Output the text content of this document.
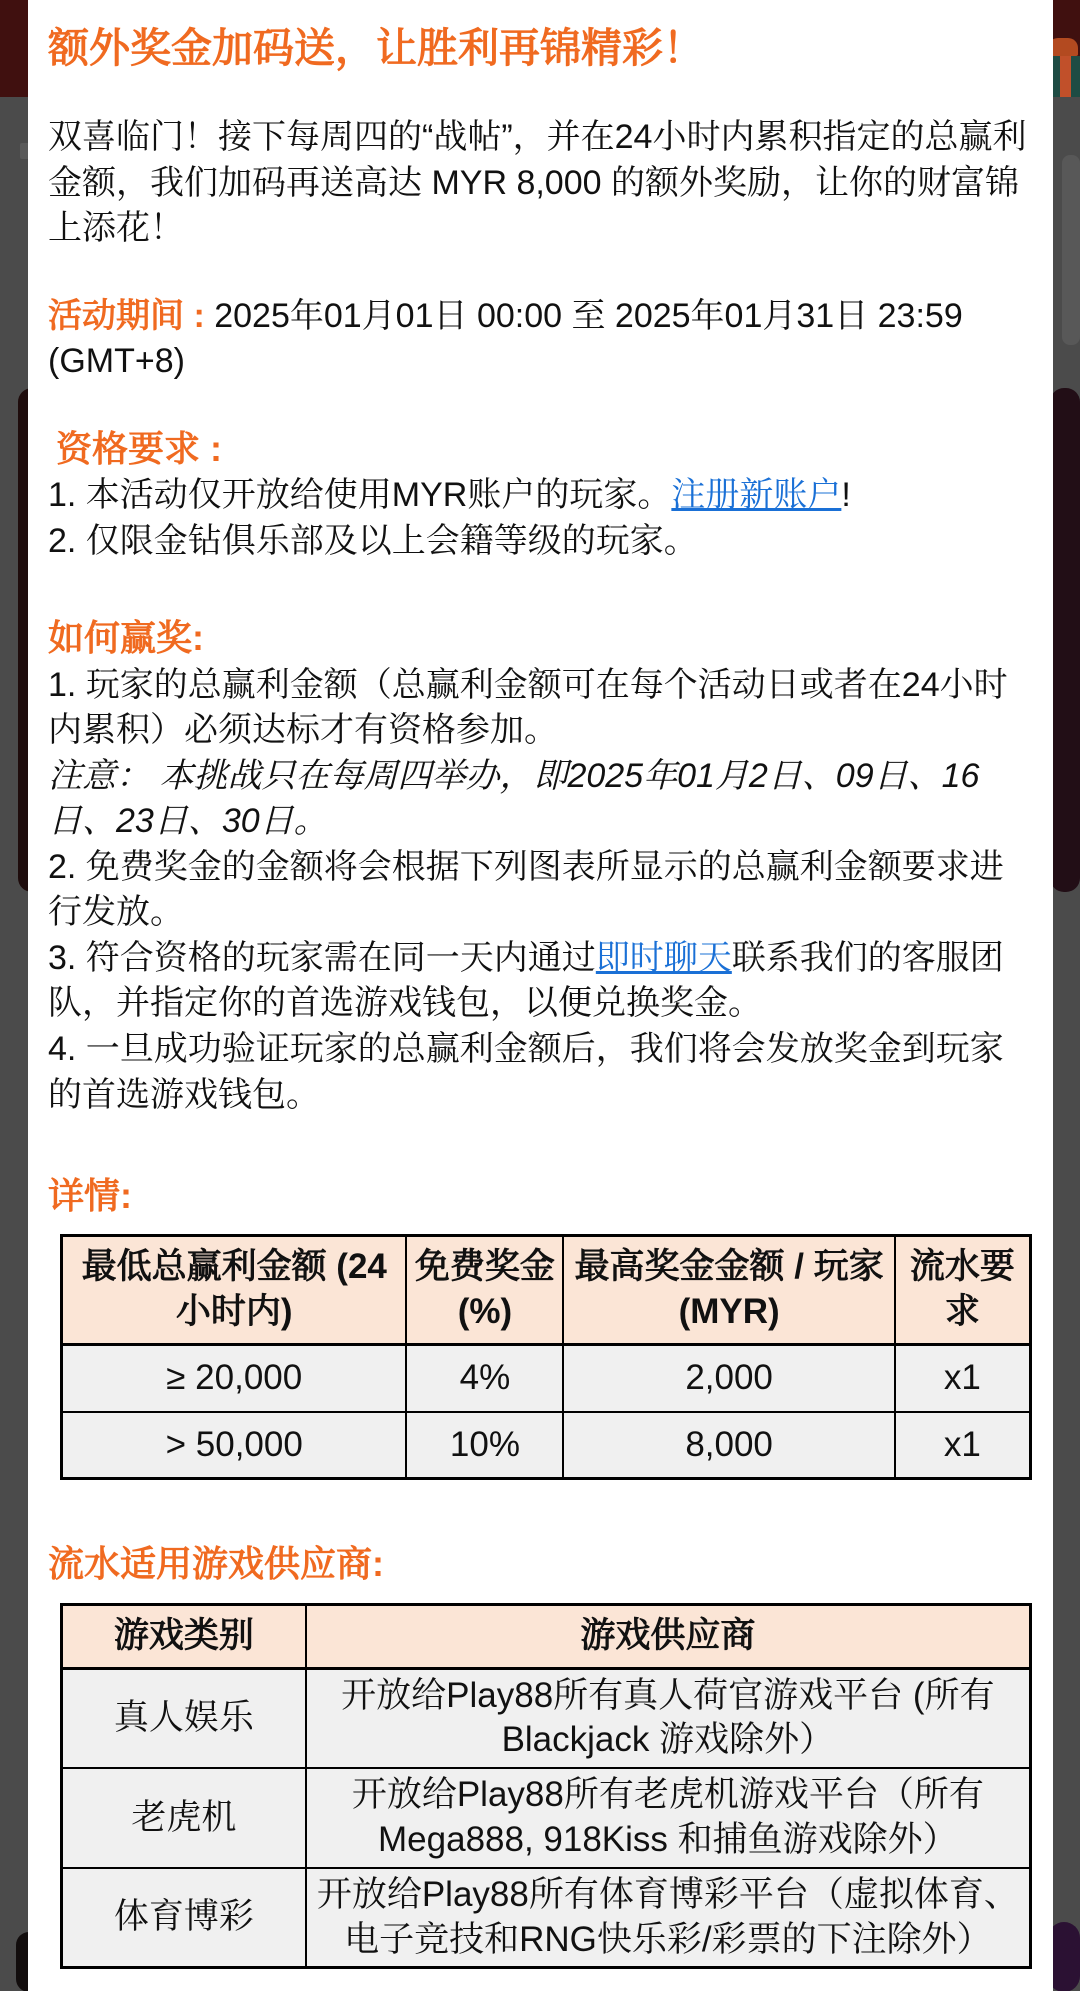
额外奖金加码送，让胜利再锦精彩！

双喜临门！接下每周四的“战帖”，并在24小时内累积指定的总赢利金额，我们加码再送高达 MYR 8,000 的额外奖励，让你的财富锦上添花！

活动期间 : 2025年01月01日 00:00 至 2025年01月31日 23:59 (GMT+8)

资格要求 :

1. 本活动仅开放给使用MYR账户的玩家。注册新账户!

2. 仅限金钻俱乐部及以上会籍等级的玩家。

如何赢奖:

1. 玩家的总赢利金额（总赢利金额可在每个活动日或者在24小时内累积）必须达标才有资格参加。

注意： 本挑战只在每周四举办，即2025年01月2日、09日、16日、23日、30日。

2. 免费奖金的金额将会根据下列图表所显示的总赢利金额要求进行发放。

3. 符合资格的玩家需在同一天内通过即时聊天联系我们的客服团队，并指定你的首选游戏钱包，以便兑换奖金。

4. 一旦成功验证玩家的总赢利金额后，我们将会发放奖金到玩家的首选游戏钱包。

详情:

最低总赢利金额 (24小时内)	免费奖金 (%)	最高奖金金额 / 玩家 (MYR)	流水要求
≥ 20,000	4%	2,000	x1
> 50,000	10%	8,000	x1

流水适用游戏供应商:

游戏类别	游戏供应商
真人娱乐	开放给Play88所有真人荷官游戏平台 (所有Blackjack 游戏除外）
老虎机	开放给Play88所有老虎机游戏平台（所有Mega888, 918Kiss 和捕鱼游戏除外）
体育博彩	开放给Play88所有体育博彩平台（虚拟体育、电子竞技和RNG快乐彩/彩票的下注除外）
